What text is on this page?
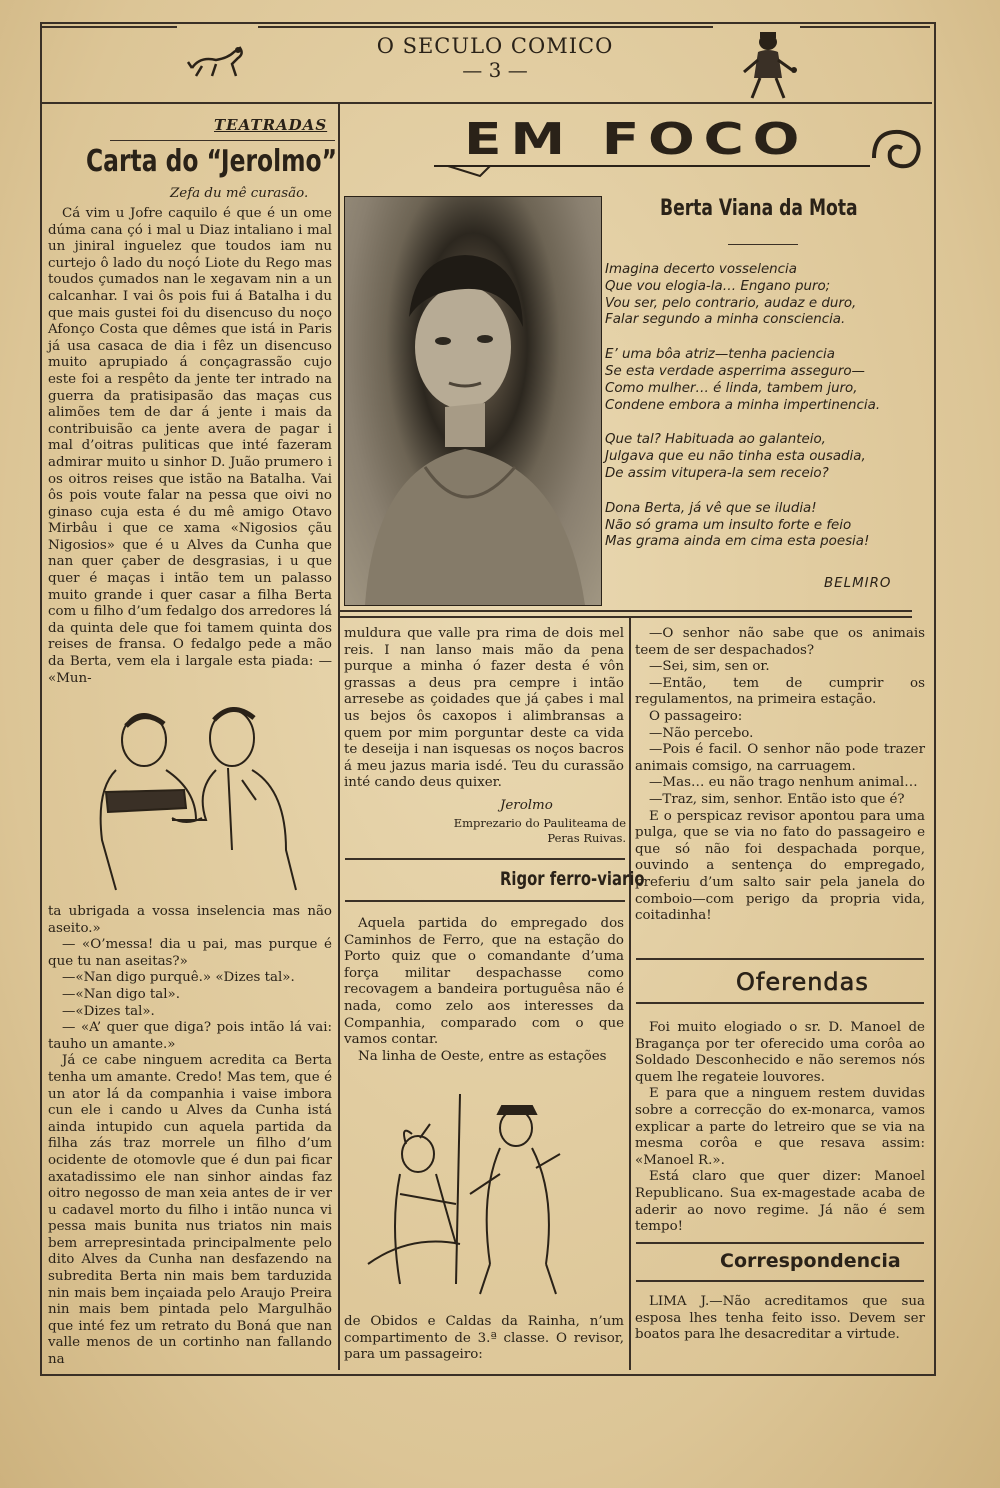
O SECULO COMICO
— 3 —
TEATRADAS
Carta do “Jerolmo”
Zefa du mê curasão.

Cá vim u Jofre caquilo é que é un ome dúma cana çó i mal u Diaz intaliano i mal un jiniral inguelez que toudos iam nu curtejo ô lado du noçó Liote du Rego mas toudos çumados nan le xegavam nin a un calcanhar. I vai ôs pois fui á Batalha i du que mais gustei foi du disencuso du noço Afonço Costa que dêmes que istá in Paris já usa casaca de dia i fêz un disencuso muito aprupiado á conçagrassão cujo este foi a respêto da jente ter intrado na guerra da pratisipasão das maças cus alimões tem de dar á jente i mais da contribuisão ca jente avera de pagar i mal d’oitras puliticas que inté fazeram admirar muito u sinhor D. Juão prumero i os oitros reises que istão na Batalha. Vai ôs pois voute falar na pessa que oivi no ginaso cuja esta é du mê amigo Otavo Mirbâu i que ce xama «Nigosios çãu Nigosios» que é u Alves da Cunha que nan quer çaber de desgrasias, i u que quer é maças i intão tem un palasso muito grande i quer casar a filha Berta com u filho d’um fedalgo dos arredores lá da quinta dele que foi tamem quinta dos reises de fransa. O fedalgo pede a mão da Berta, vem ela i largale esta piada: — «Mun-

ta ubrigada a vossa inselencia mas não aseito.»

— «O’messa! dia u pai, mas purque é que tu nan aseitas?»

—«Nan digo purquê.» «Dizes tal».

—«Nan digo tal».

—«Dizes tal».

— «A’ quer que diga? pois intão lá vai: tauho un amante.»

Já ce cabe ninguem acredita ca Berta tenha um amante. Credo! Mas tem, que é un ator lá da companhia i vaise imbora cun ele i cando u Alves da Cunha istá ainda intupido cun aquela partida da filha zás traz morrele un filho d’um ocidente de otomovle que é dun pai ficar axatadissimo ele nan sinhor aindas faz oitro negosso de man xeia antes de ir ver u cadavel morto du filho i intão nunca vi pessa mais bunita nus triatos nin mais bem arrepresintada principalmente pelo dito Alves da Cunha nan desfazendo na subredita Berta nin mais bem tarduzida nin mais bem inçaiada pelo Araujo Preira nin mais bem pintada pelo Margulhão que inté fez um retrato du Boná que nan valle menos de un cortinho nan fallando na

EM FOCO
Berta Viana da Mota
Imagina decerto vosselencia
Que vou elogia-la… Engano puro;
Vou ser, pelo contrario, audaz e duro,
Falar segundo a minha consciencia.
E’ uma bôa atriz—tenha paciencia
Se esta verdade asperrima asseguro—
Como mulher… é linda, tambem juro,
Condene embora a minha impertinencia.
Que tal? Habituada ao galanteio,
Julgava que eu não tinha esta ousadia,
De assim vitupera-la sem receio?
Dona Berta, já vê que se iludia!
Não só grama um insulto forte e feio
Mas grama ainda em cima esta poesia!
BELMIRO

muldura que valle pra rima de dois mel reis. I nan lanso mais mão da pena purque a minha ó fazer desta é vôn grassas a deus pra cempre i intão arresebe as çoidades que já çabes i mal us bejos ôs caxopos i alimbransas a quem por mim porguntar deste ca vida te deseija i nan isquesas os noços bacros á meu jazus maria isdé. Teu du curassão inté cando deus quixer.

Jerolmo
Emprezario do Pauliteama de Peras Ruivas.
Rigor ferro-viario

Aquela partida do empregado dos Caminhos de Ferro, que na estação do Porto quiz que o comandante d’uma força militar despachasse como recovagem a bandeira portuguêsa não é nada, como zelo aos interesses da Companhia, comparado com o que vamos contar.

Na linha de Oeste, entre as estações

de Obidos e Caldas da Rainha, n’um compartimento de 3.ª classe. O revisor, para um passageiro:

—O senhor não sabe que os animais teem de ser despachados?

—Sei, sim, sen or.

—Então, tem de cumprir os regulamentos, na primeira estação.

O passageiro:

—Não percebo.

—Pois é facil. O senhor não pode trazer animais comsigo, na carruagem.

—Mas… eu não trago nenhum animal…

—Traz, sim, senhor. Então isto que é?

E o perspicaz revisor apontou para uma pulga, que se via no fato do passageiro e que só não foi despachada porque, ouvindo a sentença do empregado, preferiu d’um salto sair pela janela do comboio—com perigo da propria vida, coitadinha!

Oferendas

Foi muito elogiado o sr. D. Manoel de Bragança por ter oferecido uma corôa ao Soldado Desconhecido e não seremos nós quem lhe regateie louvores.

E para que a ninguem restem duvidas sobre a correcção do ex-monarca, vamos explicar a parte do letreiro que se via na mesma corôa e que resava assim: «Manoel R.».

Está claro que quer dizer: Manoel Republicano. Sua ex-magestade acaba de aderir ao novo regime. Já não é sem tempo!

Correspondencia

LIMA J.—Não acreditamos que sua esposa lhes tenha feito isso. Devem ser boatos para lhe desacreditar a virtude.
